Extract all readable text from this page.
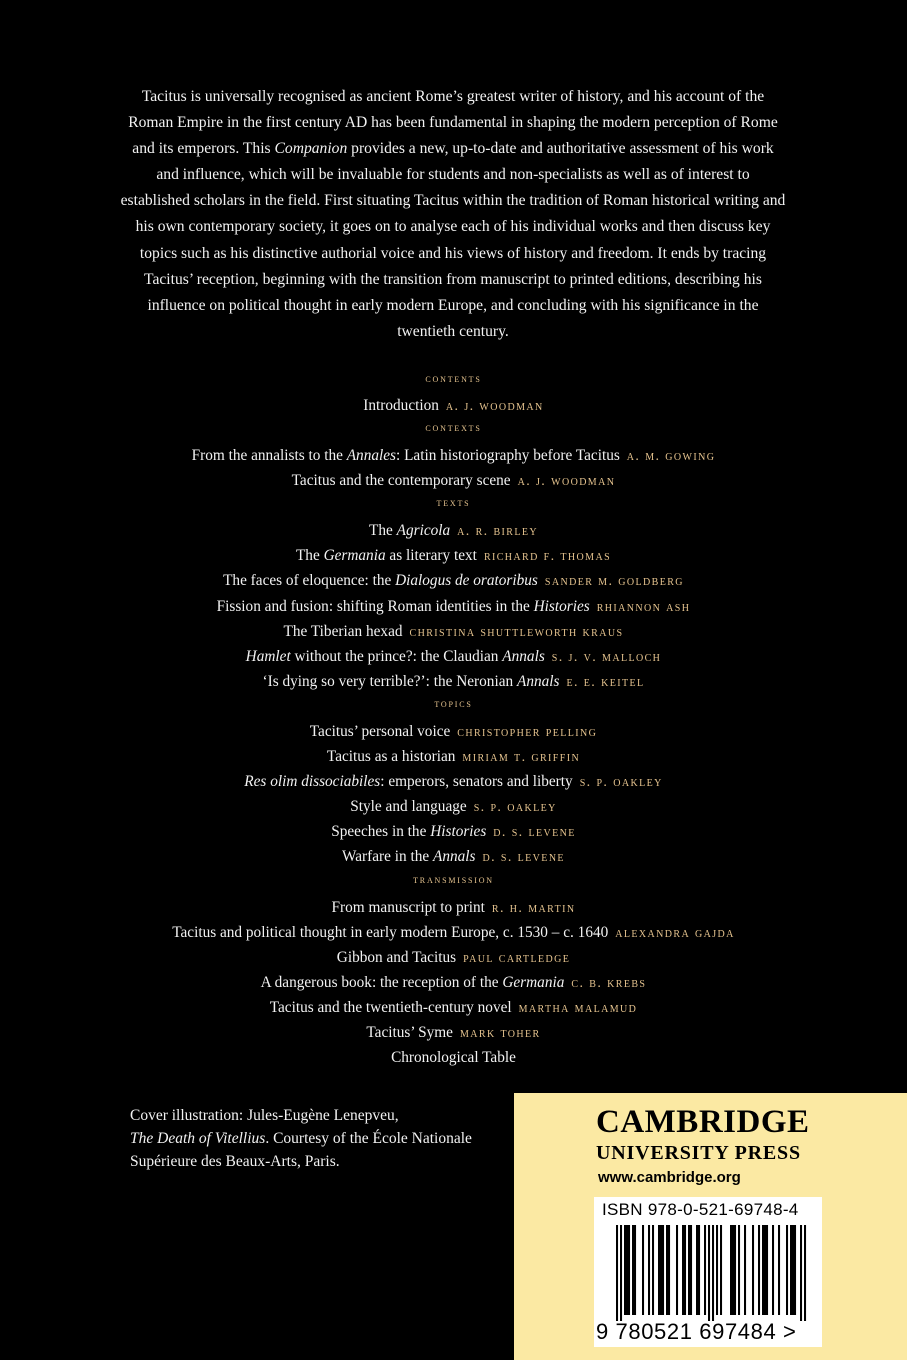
Tacitus is universally recognised as ancient Rome’s greatest writer of history, and his account of the Roman Empire in the first century AD has been fundamental in shaping the modern perception of Rome and its emperors. This Companion provides a new, up-to-date and authoritative assessment of his work and influence, which will be invaluable for students and non-specialists as well as of interest to established scholars in the field. First situating Tacitus within the tradition of Roman historical writing and his own contemporary society, it goes on to analyse each of his individual works and then discuss key topics such as his distinctive authorial voice and his views of history and freedom. It ends by tracing Tacitus’ reception, beginning with the transition from manuscript to printed editions, describing his influence on political thought in early modern Europe, and concluding with his significance in the twentieth century.

contents
Introduction a. j. woodman
contexts
From the annalists to the Annales: Latin historiography before Tacitus a. m. gowing
Tacitus and the contemporary scene a. j. woodman
texts
The Agricola a. r. birley
The Germania as literary text richard f. thomas
The faces of eloquence: the Dialogus de oratoribus sander m. goldberg
Fission and fusion: shifting Roman identities in the Histories rhiannon ash
The Tiberian hexad christina shuttleworth kraus
Hamlet without the prince?: the Claudian Annals s. j. v. malloch
‘Is dying so very terrible?’: the Neronian Annals e. e. keitel
topics
Tacitus’ personal voice christopher pelling
Tacitus as a historian miriam t. griffin
Res olim dissociabiles: emperors, senators and liberty s. p. oakley
Style and language s. p. oakley
Speeches in the Histories d. s. levene
Warfare in the Annals d. s. levene
transmission
From manuscript to print r. h. martin
Tacitus and political thought in early modern Europe, c. 1530 – c. 1640 alexandra gajda
Gibbon and Tacitus paul cartledge
A dangerous book: the reception of the Germania c. b. krebs
Tacitus and the twentieth-century novel martha malamud
Tacitus’ Syme mark toher
Chronological Table

Cover illustration: Jules-Eugène Lenepveu,
The Death of Vitellius. Courtesy of the École Nationale Supérieure des Beaux-Arts, Paris.

CAMBRIDGE
UNIVERSITY PRESS
www.cambridge.org
ISBN 978-0-521-69748-4
9 780521 697484 >
